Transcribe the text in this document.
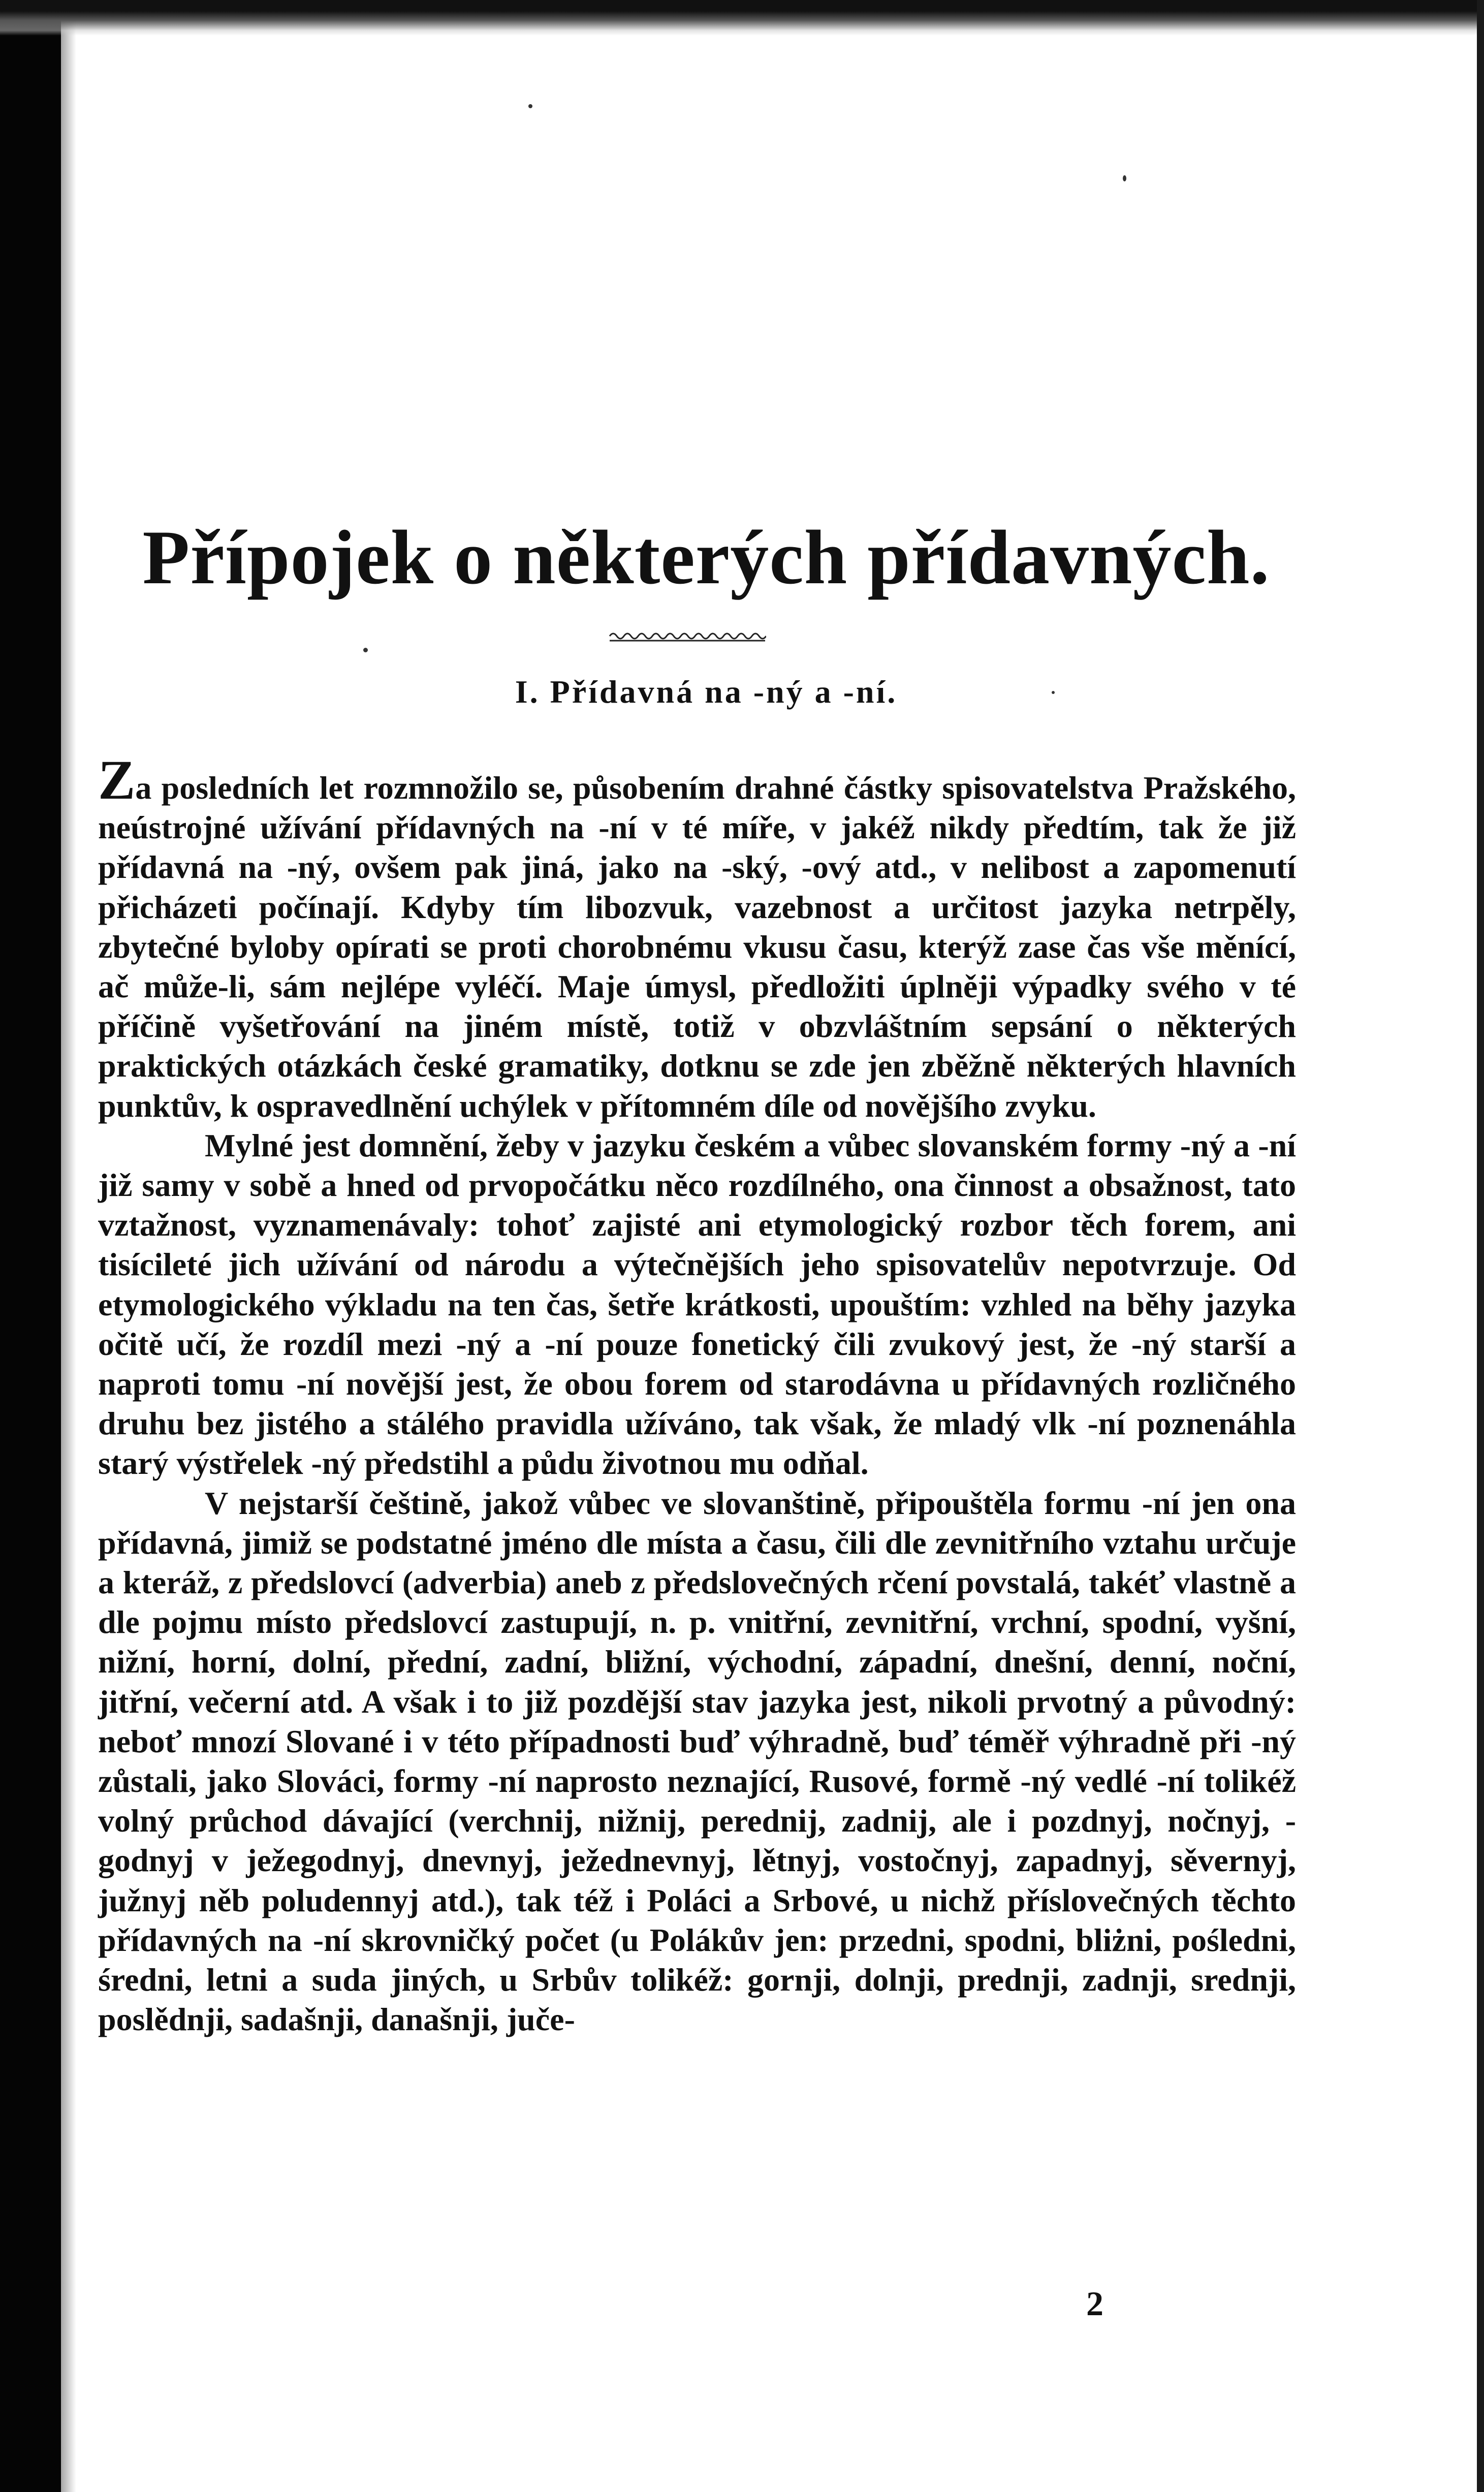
Přípojek o některých přídavných.
I. Přídavná na -ný a -ní.

Za posledních let rozmnožilo se, působením drahné částky spisovatelstva Pražského, neústrojné užívání přídavných na -ní v té míře, v jakéž nikdy předtím, tak že již přídavná na -ný, ovšem pak jiná, jako na -ský, -ový atd., v nelibost a zapomenutí přicházeti počínají. Kdyby tím libozvuk, vazebnost a určitost jazyka netrpěly, zbytečné byloby opírati se proti chorobnému vkusu času, kterýž zase čas vše měnící, ač může-li, sám nejlépe vyléčí. Maje úmysl, předložiti úplněji výpadky svého v té příčině vyšetřování na jiném místě, totiž v obzvláštním sepsání o některých praktických otázkách české gramatiky, dotknu se zde jen zběžně některých hlavních punktův, k ospravedlnění uchýlek v přítomném díle od novějšího zvyku.

Mylné jest domnění, žeby v jazyku českém a vůbec slovanském formy -ný a -ní již samy v sobě a hned od prvopočátku něco rozdílného, ona činnost a obsažnost, tato vztažnost, vyznamenávaly: tohoť zajisté ani etymologický rozbor těch forem, ani tisícileté jich užívání od národu a výtečnějších jeho spisovatelův nepotvrzuje. Od etymologického výkladu na ten čas, šetře krátkosti, upouštím: vzhled na běhy jazyka očitě učí, že rozdíl mezi -ný a -ní pouze fonetický čili zvukový jest, že -ný starší a naproti tomu -ní novější jest, že obou forem od starodávna u přídavných rozličného druhu bez jistého a stálého pravidla užíváno, tak však, že mladý vlk -ní poznenáhla starý výstřelek -ný předstihl a půdu životnou mu odňal.

V nejstarší češtině, jakož vůbec ve slovanštině, připouštěla formu -ní jen ona přídavná, jimiž se podstatné jméno dle místa a času, čili dle zevnitřního vztahu určuje a kteráž, z předslovcí (adverbia) aneb z předslovečných rčení povstalá, takéť vlastně a dle pojmu místo předslovcí zastupují, n. p. vnitřní, zevnitřní, vrchní, spodní, vyšní, nižní, horní, dolní, přední, zadní, bližní, východní, západní, dnešní, denní, noční, jitřní, večerní atd. A však i to již pozdější stav jazyka jest, nikoli prvotný a původný: neboť mnozí Slované i v této případnosti buď výhradně, buď téměř výhradně při -ný zůstali, jako Slováci, formy -ní naprosto neznající, Rusové, formě -ný vedlé -ní tolikéž volný průchod dávající (verchnij, nižnij, perednij, zadnij, ale i pozdnyj, nočnyj, -godnyj v ježegodnyj, dnevnyj, ježednevnyj, lětnyj, vostočnyj, zapadnyj, sěvernyj, južnyj něb poludennyj atd.), tak též i Poláci a Srbové, u nichž příslovečných těchto přídavných na -ní skrovničký počet (u Polákův jen: przedni, spodni, bliżni, pośledni, średni, letni a suda jiných, u Srbův tolikéž: gornji, dolnji, prednji, zadnji, srednji, poslědnji, sadašnji, današnji, juče-

2
